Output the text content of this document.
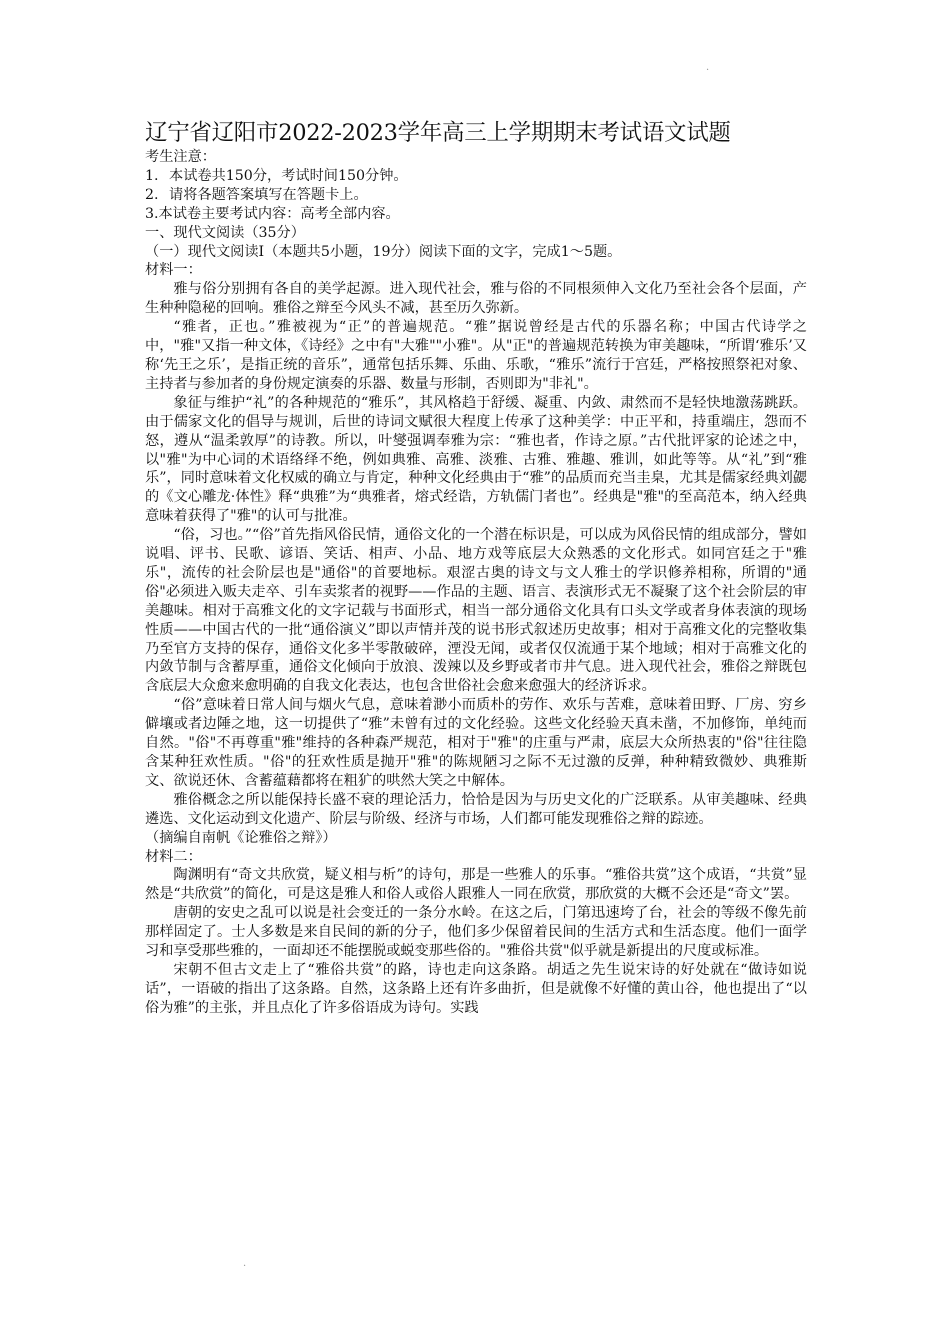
·
辽宁省辽阳市2022-2023学年高三上学期期末考试语文试题

考生注意：

1. 本试卷共150分，考试时间150分钟。

2. 请将各题答案填写在答题卡上。

3.本试卷主要考试内容：高考全部内容。

一、现代文阅读（35分）

（一）现代文阅读Ⅰ（本题共5小题，19分）阅读下面的文字，完成1～5题。

材料一：

雅与俗分别拥有各自的美学起源。进入现代社会，雅与俗的不同根须伸入文化乃至社会各个层面，产生种种隐秘的回响。雅俗之辩至今风头不减，甚至历久弥新。

“雅者，正也。”雅被视为“正”的普遍规范。“雅”据说曾经是古代的乐器名称；中国古代诗学之中，"雅"又指一种文体，《诗经》之中有"大雅""小雅"。从"正"的普遍规范转换为审美趣味，“所谓‘雅乐’又称‘先王之乐’，是指正统的音乐”，通常包括乐舞、乐曲、乐歌，“雅乐”流行于宫廷，严格按照祭祀对象、主持者与参加者的身份规定演奏的乐器、数量与形制，否则即为"非礼"。

象征与维护“礼”的各种规范的“雅乐”，其风格趋于舒缓、凝重、内敛、肃然而不是轻快地激荡跳跃。由于儒家文化的倡导与规训，后世的诗词文赋很大程度上传承了这种美学：中正平和，持重端庄，怨而不怒，遵从“温柔敦厚”的诗教。所以，叶燮强调奉雅为宗：“雅也者，作诗之原。”古代批评家的论述之中，以"雅"为中心词的术语络绎不绝，例如典雅、高雅、淡雅、古雅、雅趣、雅训，如此等等。从“礼”到“雅乐”，同时意味着文化权威的确立与肯定，种种文化经典由于“雅”的品质而充当圭臬，尤其是儒家经典刘勰的《文心雕龙·体性》释“典雅”为“典雅者，熔式经诰，方轨儒门者也”。经典是"雅"的至高范本，纳入经典意味着获得了"雅"的认可与批准。

“俗，习也。”“俗”首先指风俗民情，通俗文化的一个潜在标识是，可以成为风俗民情的组成部分，譬如说唱、评书、民歌、谚语、笑话、相声、小品、地方戏等底层大众熟悉的文化形式。如同宫廷之于"雅乐"，流传的社会阶层也是"通俗"的首要地标。艰涩古奥的诗文与文人雅士的学识修养相称，所谓的"通俗"必须进入贩夫走卒、引车卖浆者的视野——作品的主题、语言、表演形式无不凝聚了这个社会阶层的审美趣味。相对于高雅文化的文字记载与书面形式，相当一部分通俗文化具有口头文学或者身体表演的现场性质——中国古代的一批“通俗演义”即以声情并茂的说书形式叙述历史故事；相对于高雅文化的完整收集乃至官方支持的保存，通俗文化多半零散破碎，湮没无闻，或者仅仅流通于某个地域；相对于高雅文化的内敛节制与含蓄厚重，通俗文化倾向于放浪、泼辣以及乡野或者市井气息。进入现代社会，雅俗之辩既包含底层大众愈来愈明确的自我文化表达，也包含世俗社会愈来愈强大的经济诉求。

“俗”意味着日常人间与烟火气息，意味着渺小而质朴的劳作、欢乐与苦难，意味着田野、厂房、穷乡僻壤或者边陲之地，这一切提供了“雅”未曾有过的文化经验。这些文化经验天真未凿，不加修饰，单纯而自然。"俗"不再尊重"雅"维持的各种森严规范，相对于"雅"的庄重与严肃，底层大众所热衷的"俗"往往隐含某种狂欢性质。"俗"的狂欢性质是抛开"雅"的陈规陋习之际不无过激的反弹，种种精致微妙、典雅斯文、欲说还休、含蓄蕴藉都将在粗犷的哄然大笑之中解体。

雅俗概念之所以能保持长盛不衰的理论活力，恰恰是因为与历史文化的广泛联系。从审美趣味、经典遴选、文化运动到文化遗产、阶层与阶级、经济与市场，人们都可能发现雅俗之辩的踪迹。

（摘编自南帆《论雅俗之辩》）

材料二：

陶渊明有“奇文共欣赏，疑义相与析”的诗句，那是一些雅人的乐事。“雅俗共赏”这个成语，“共赏”显然是“共欣赏”的简化，可是这是雅人和俗人或俗人跟雅人一同在欣赏，那欣赏的大概不会还是“奇文”罢。

唐朝的安史之乱可以说是社会变迁的一条分水岭。在这之后，门第迅速垮了台，社会的等级不像先前那样固定了。士人多数是来自民间的新的分子，他们多少保留着民间的生活方式和生活态度。他们一面学习和享受那些雅的，一面却还不能摆脱或蜕变那些俗的。"雅俗共赏"似乎就是新提出的尺度或标准。

宋朝不但古文走上了“雅俗共赏”的路，诗也走向这条路。胡适之先生说宋诗的好处就在“做诗如说话”，一语破的指出了这条路。自然，这条路上还有许多曲折，但是就像不好懂的黄山谷，他也提出了“以俗为雅”的主张，并且点化了许多俗语成为诗句。实践

·
